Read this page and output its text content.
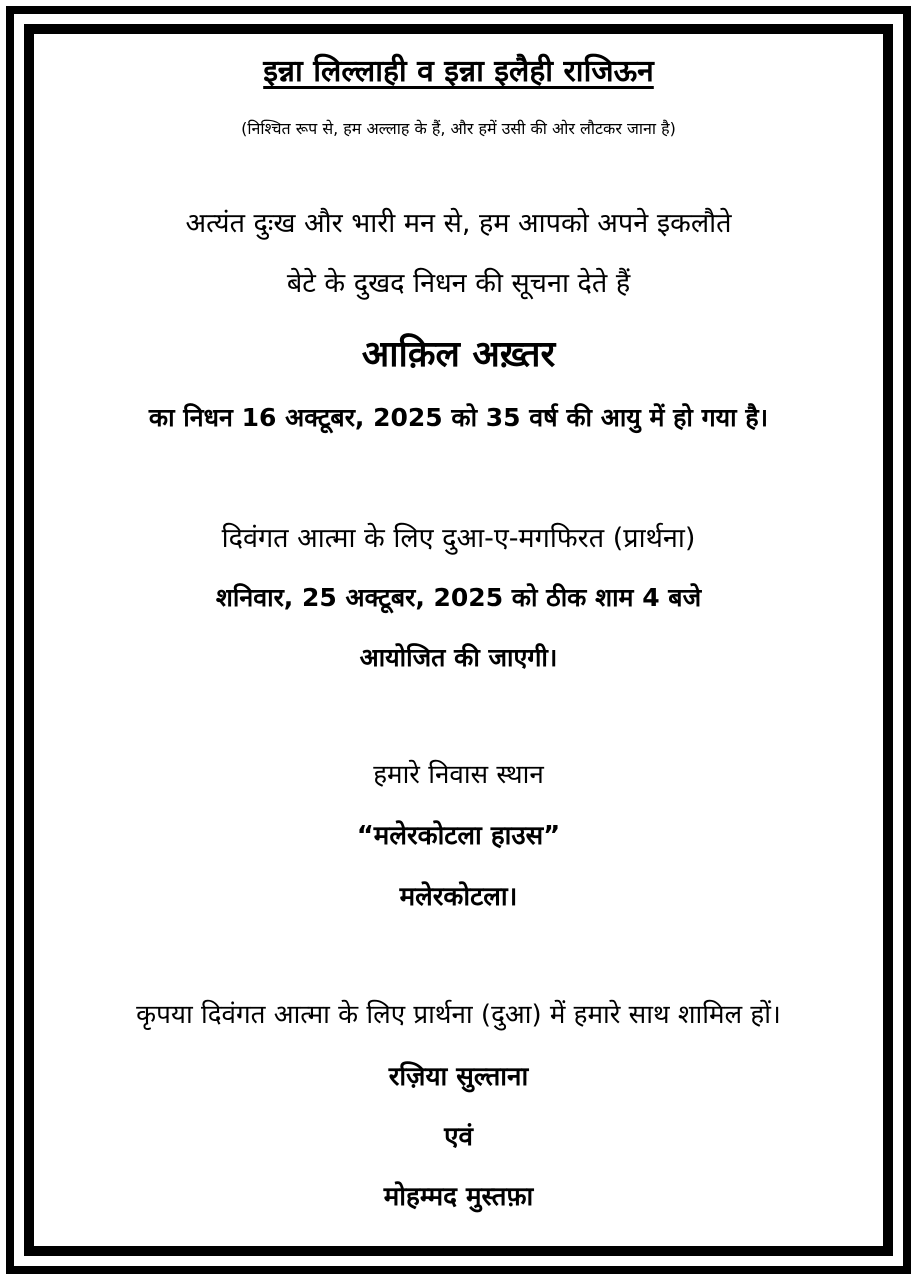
इन्ना लिल्लाही व इन्ना इलैही राजिऊन
(निश्चित रूप से, हम अल्लाह के हैं, और हमें उसी की ओर लौटकर जाना है)
अत्यंत दुःख और भारी मन से, हम आपको अपने इकलौते
बेटे के दुखद निधन की सूचना देते हैं
आक़िल अख़्तर
का निधन 16 अक्टूबर, 2025 को 35 वर्ष की आयु में हो गया है।
दिवंगत आत्मा के लिए दुआ-ए-मगफिरत (प्रार्थना)
शनिवार, 25 अक्टूबर, 2025 को ठीक शाम 4 बजे
आयोजित की जाएगी।
हमारे निवास स्थान
“मलेरकोटला हाउस”
मलेरकोटला।
कृपया दिवंगत आत्मा के लिए प्रार्थना (दुआ) में हमारे साथ शामिल हों।
रज़िया सुल्ताना
एवं
मोहम्मद मुस्तफ़ा
